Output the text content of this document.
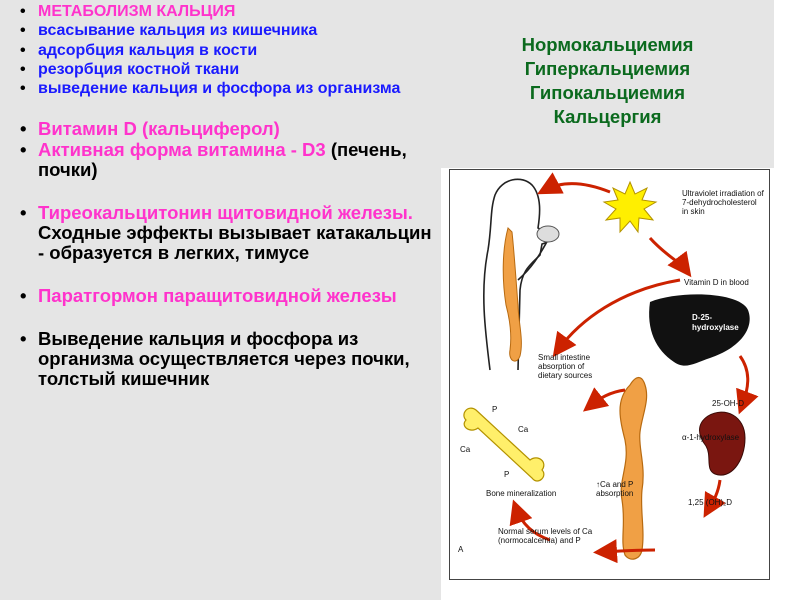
• МЕТАБОЛИЗМ КАЛЬЦИЯ
• всасывание кальция из кишечника
• адсорбция кальция в кости
• резорбция костной ткани
• выведение кальция и фосфора из организма
• Витамин D (кальциферол)
• Активная форма витамина - D3 (печень, почки)
• Тиреокальцитонин щитовидной железы. Сходные эффекты вызывает катакальцин - образуется в легких, тимусе
• Паратгормон паращитовидной железы
• Выведение кальция и фосфора из организма осуществляется через почки, толстый кишечник
Нормокальциемия
Гиперкальциемия
Гипокальциемия
Кальцергия
Ultraviolet irradiation of
7-dehydrocholesterol
in skin
Vitamin D in blood
D-25-
hydroxylase
25-OH-D
α-1-hydroxylase
1,25 (OH)₂D
Small intestine
absorption of
dietary sources
↑Ca and P
absorption
Bone mineralization
Normal serum levels of Ca
(normocalcemia) and P
A
P
Ca
Ca
P
